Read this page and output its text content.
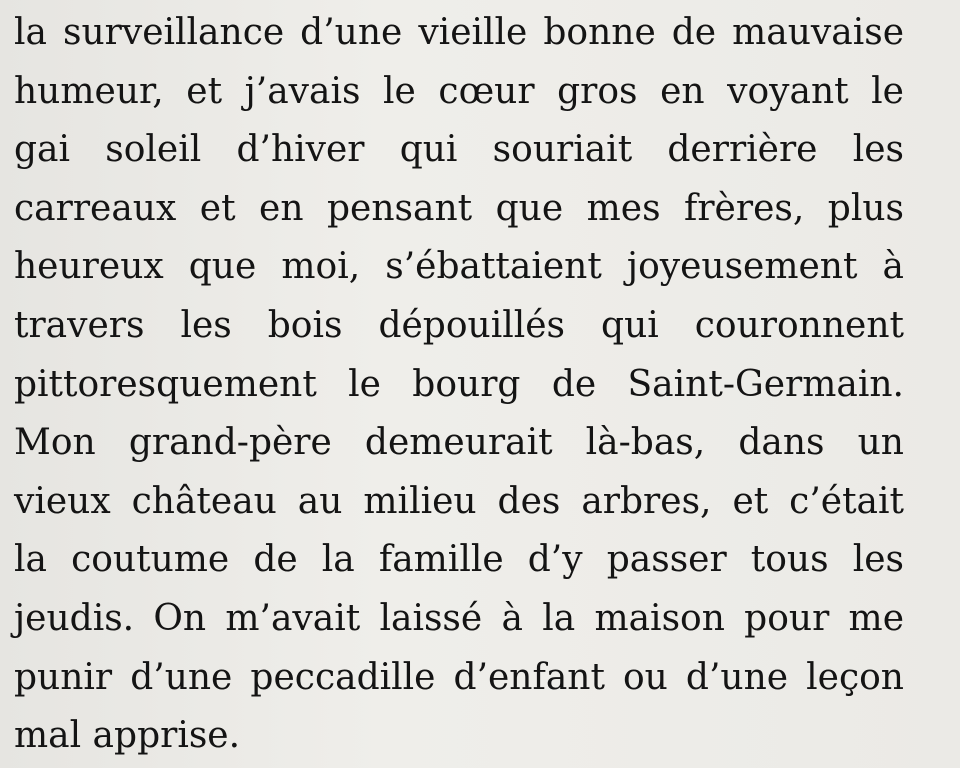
la surveillance d’une vieille bonne de mauvaise
humeur, et j’avais le cœur gros en voyant le
gai soleil d’hiver qui souriait derrière les
carreaux et en pensant que mes frères, plus
heureux que moi, s’ébattaient joyeusement à
travers les bois dépouillés qui couronnent
pittoresquement le bourg de Saint-Germain.
Mon grand-père demeurait là-bas, dans un
vieux château au milieu des arbres, et c’était
la coutume de la famille d’y passer tous les
jeudis. On m’avait laissé à la maison pour me
punir d’une peccadille d’enfant ou d’une leçon
mal apprise.
